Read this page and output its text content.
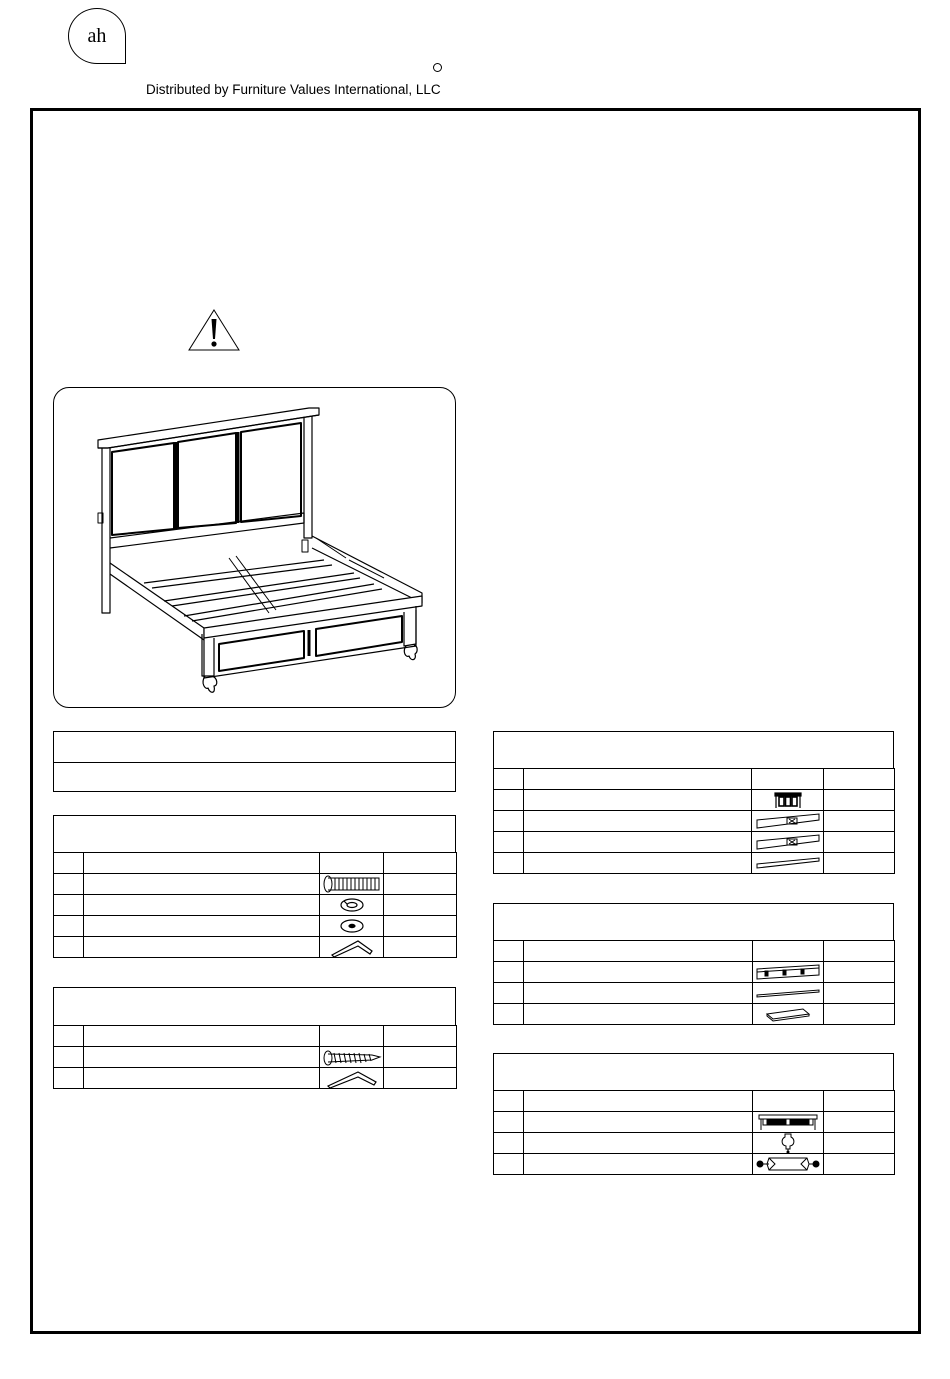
ah
Distributed by Furniture Values International, LLC
